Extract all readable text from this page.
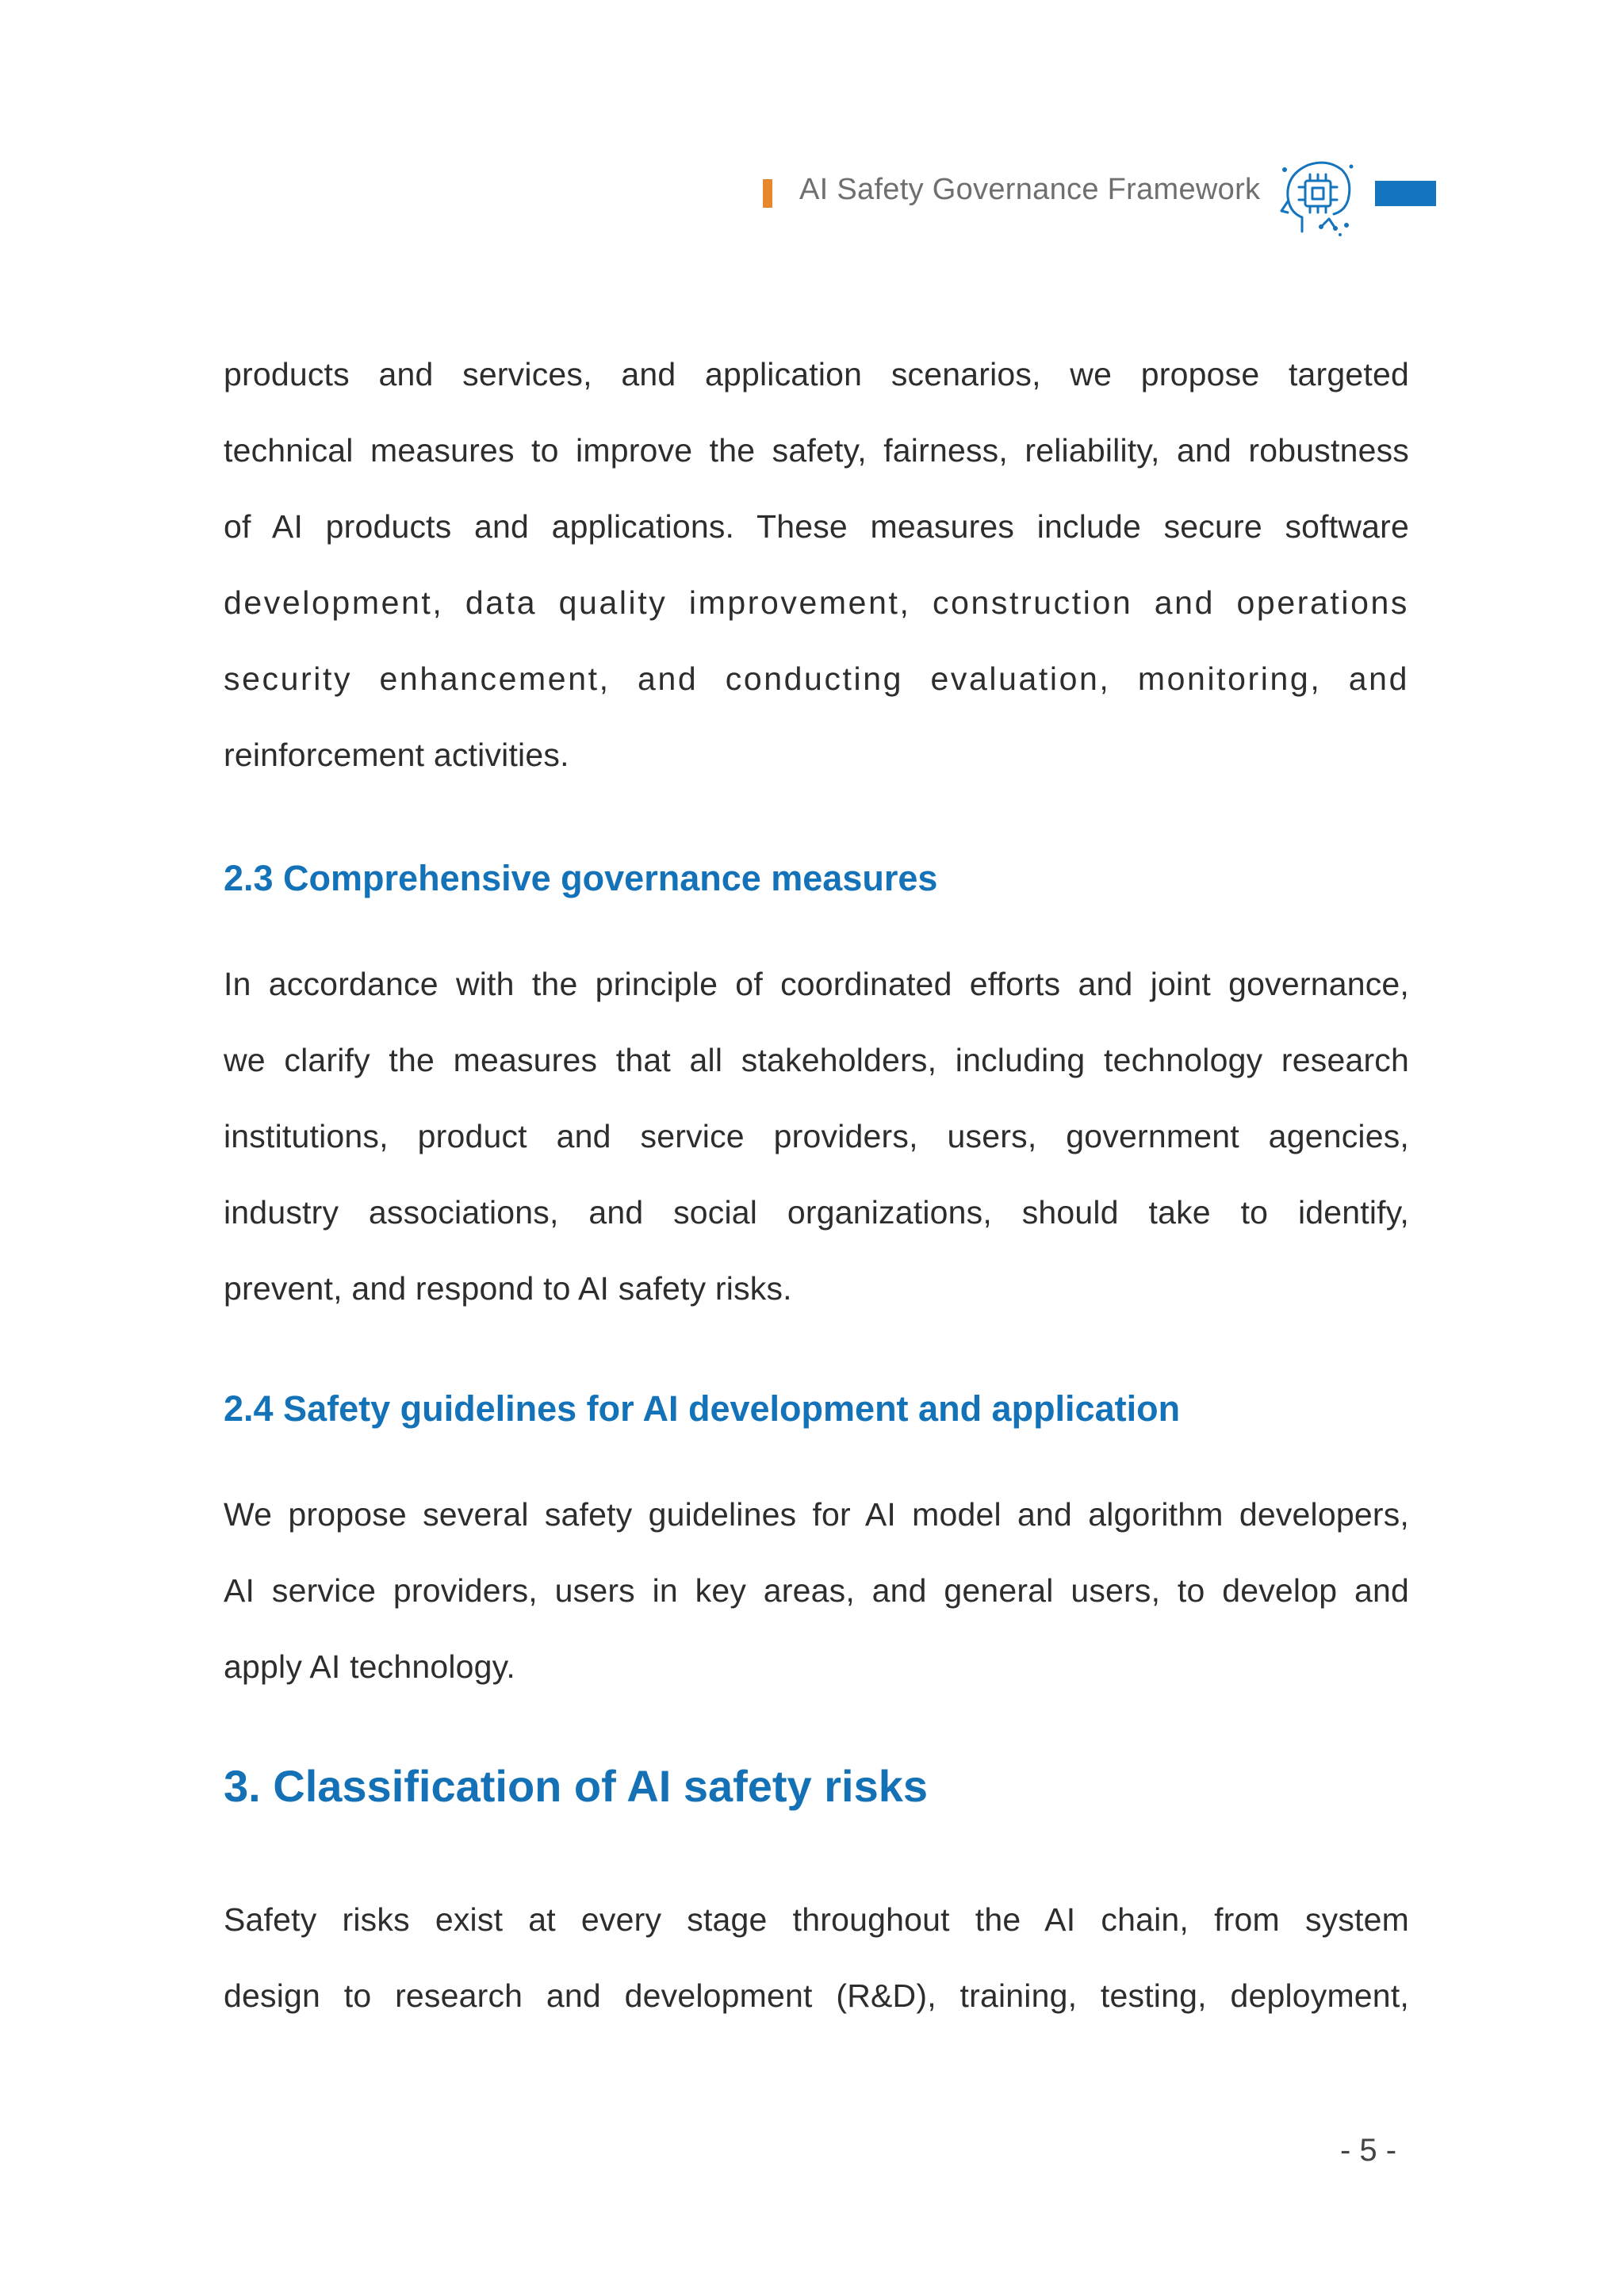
AI Safety Governance Framework

products and services, and application scenarios, we propose targeted

technical measures to improve the safety, fairness, reliability, and robustness

of AI products and applications. These measures include secure software

development, data quality improvement, construction and operations

security enhancement, and conducting evaluation, monitoring, and

reinforcement activities.

2.3 Comprehensive governance measures

In accordance with the principle of coordinated efforts and joint governance,

we clarify the measures that all stakeholders, including technology research

institutions, product and service providers, users, government agencies,

industry associations, and social organizations, should take to identify,

prevent, and respond to AI safety risks.

2.4 Safety guidelines for AI development and application

We propose several safety guidelines for AI model and algorithm developers,

AI service providers, users in key areas, and general users, to develop and

apply AI technology.

3. Classification of AI safety risks

Safety risks exist at every stage throughout the AI chain, from system

design to research and development (R&D), training, testing, deployment,

- 5 -
